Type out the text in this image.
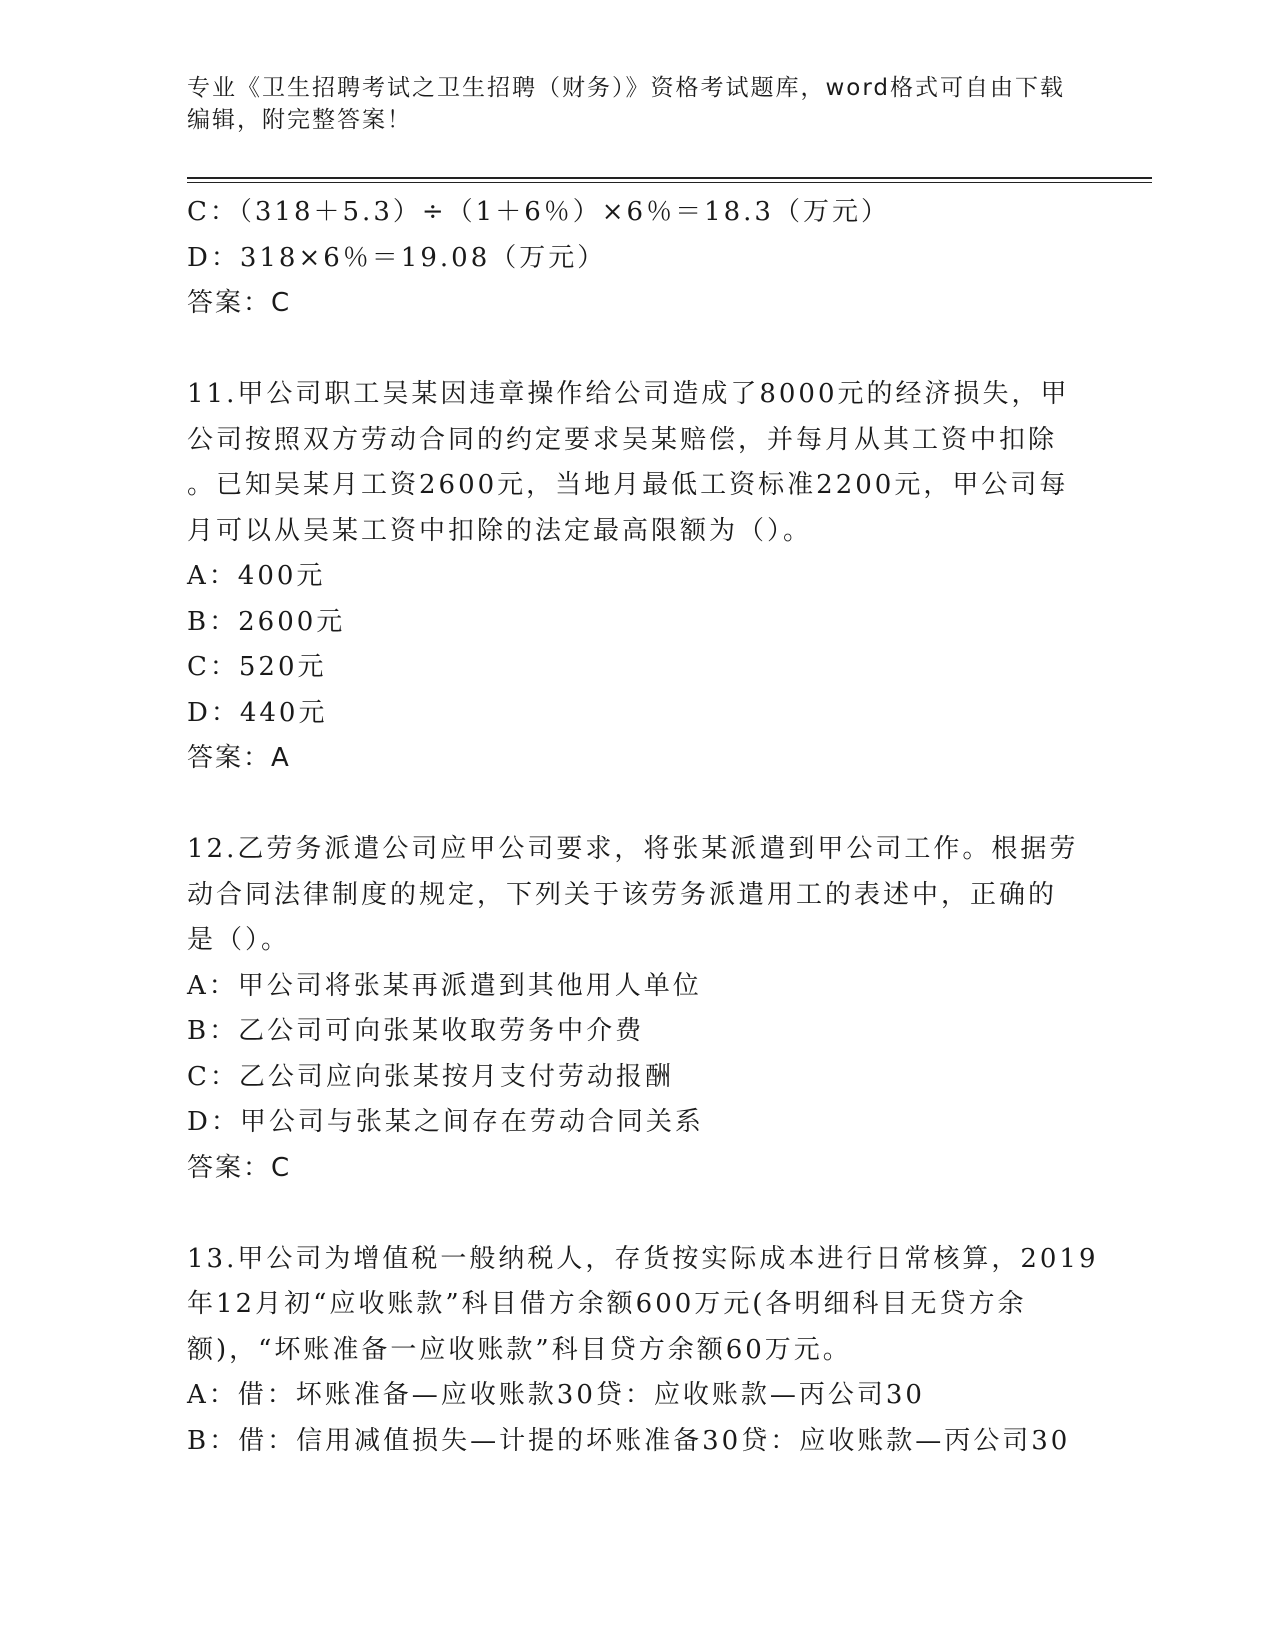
专业《卫生招聘考试之卫生招聘（财务）》资格考试题库，word格式可自由下载
编辑，附完整答案！
C：（318＋5.3）÷（1＋6％）×6％＝18.3（万元）
D：318×6％＝19.08（万元）
答案：C
11.甲公司职工吴某因违章操作给公司造成了8000元的经济损失，甲
公司按照双方劳动合同的约定要求吴某赔偿，并每月从其工资中扣除
。已知吴某月工资2600元，当地月最低工资标准2200元，甲公司每
月可以从吴某工资中扣除的法定最高限额为（）。
A：400元
B：2600元
C：520元
D：440元
答案：A
12.乙劳务派遣公司应甲公司要求，将张某派遣到甲公司工作。根据劳
动合同法律制度的规定，下列关于该劳务派遣用工的表述中，正确的
是（）。
A：甲公司将张某再派遣到其他用人单位
B：乙公司可向张某收取劳务中介费
C：乙公司应向张某按月支付劳动报酬
D：甲公司与张某之间存在劳动合同关系
答案：C
13.甲公司为增值税一般纳税人，存货按实际成本进行日常核算，2019
年12月初“应收账款”科目借方余额600万元(各明细科目无贷方余
额)，“坏账准备一应收账款”科目贷方余额60万元。
A：借：坏账准备—应收账款30贷：应收账款—丙公司30
B：借：信用减值损失—计提的坏账准备30贷：应收账款—丙公司30
